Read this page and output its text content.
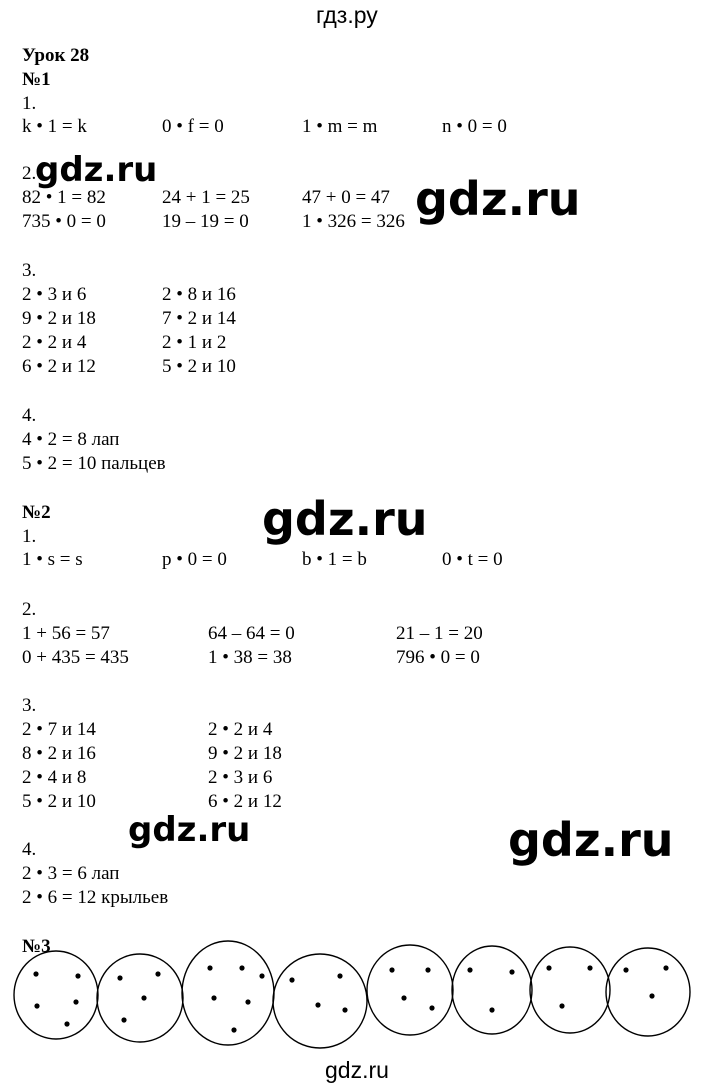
гдз.ру
gdz.ru
Урок 28
№1
1.
k • 1 = k	0 • f = 0	1 • m = m	n • 0 = 0
2.
82 • 1 = 82	24 + 1 = 25	47 + 0 = 47
735 • 0 = 0	19 – 19 = 0	1 • 326 = 326
3.
2 • 3 и 6	2 • 8 и 16
9 • 2 и 18	7 • 2 и 14
2 • 2 и 4	2 • 1 и 2
6 • 2 и 12	5 • 2 и 10
4.
4 • 2 = 8 лап
5 • 2 = 10 пальцев
№2
1.
1 • s = s	p • 0 = 0	b • 1 = b	0 • t = 0
2.
1 + 56 = 57	64 – 64 = 0	21 – 1 = 20
0 + 435 = 435	1 • 38 = 38	796 • 0 = 0
3.
2 • 7 и 14	2 • 2 и 4
8 • 2 и 16	9 • 2 и 18
2 • 4 и 8	2 • 3 и 6
5 • 2 и 10	6 • 2 и 12
4.
2 • 3 = 6 лап
2 • 6 = 12 крыльев
№3
gdz.ru
gdz.ru
gdz.ru
gdz.ru	gdz.ru
